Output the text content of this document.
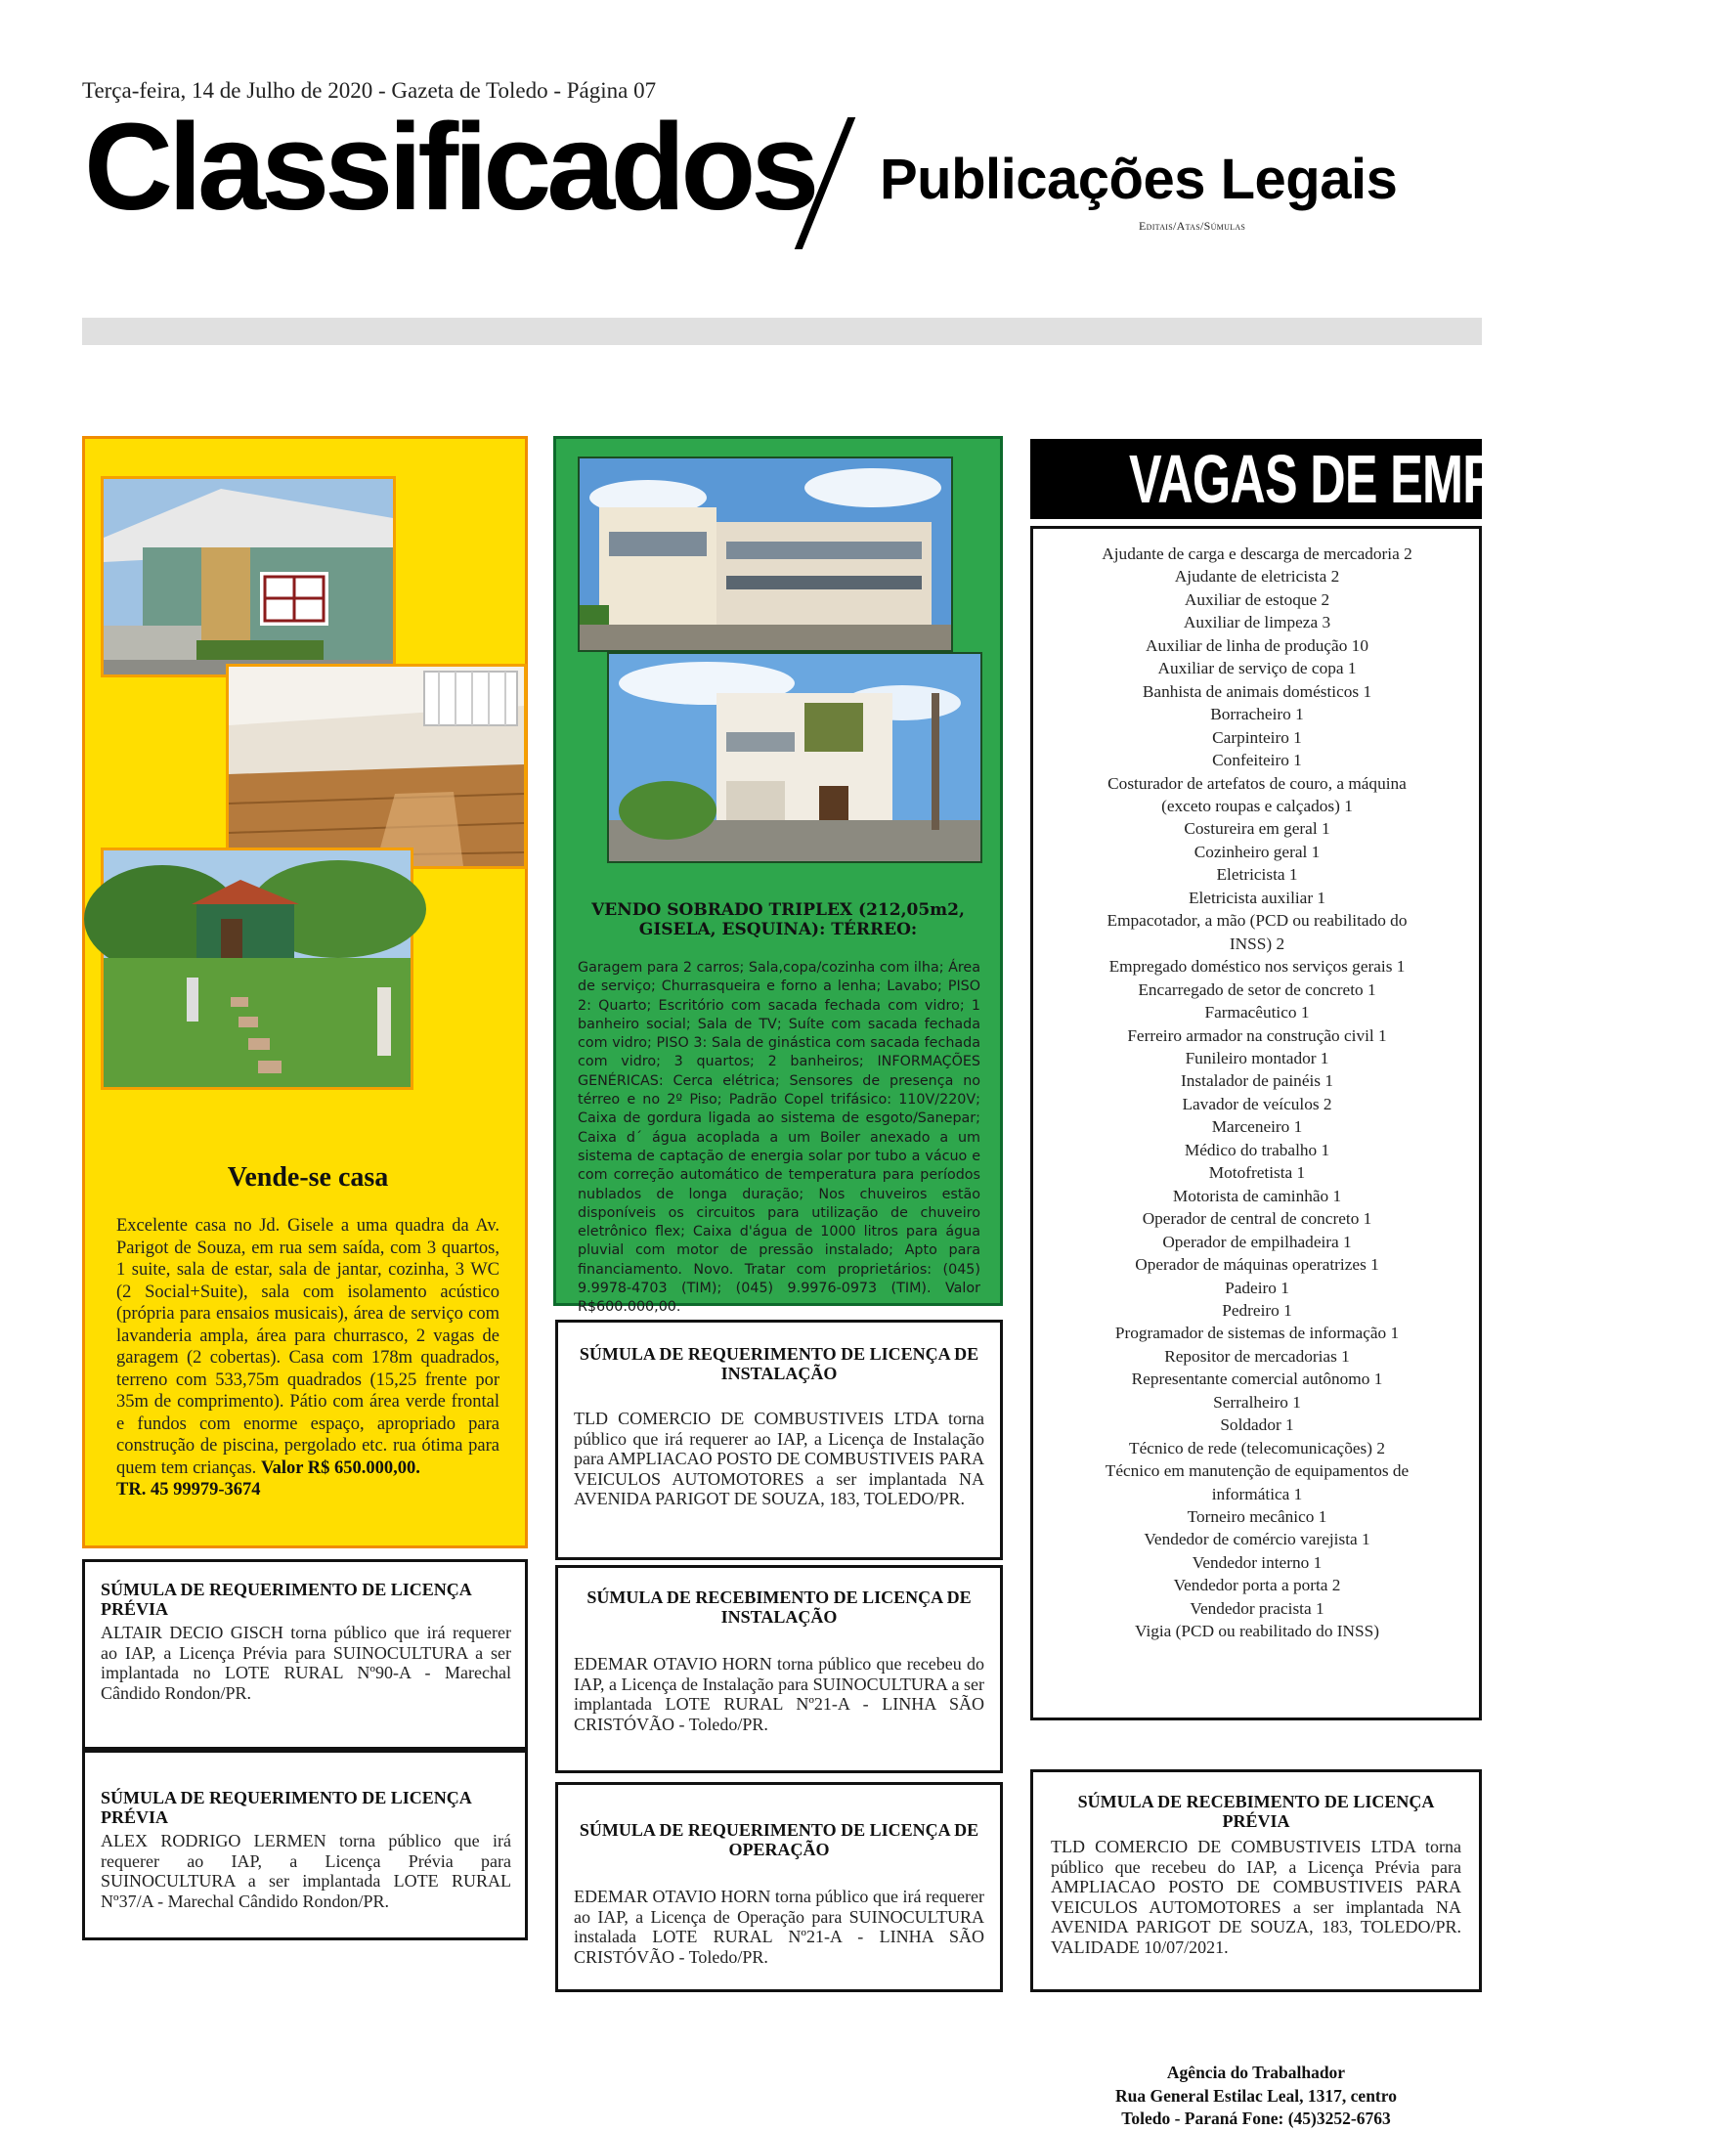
Terça-feira, 14 de Julho de 2020 - Gazeta de Toledo - Página 07
Classificados Publicações Legais
Editais/Atas/Súmulas
Vende-se casa
Excelente casa no Jd. Gisele a uma quadra da Av. Parigot de Souza, em rua sem saída, com 3 quartos, 1 suite, sala de estar, sala de jantar, cozinha, 3 WC (2 Social+Suite), sala com isolamento acústico (própria para ensaios musicais), área de serviço com lavanderia ampla, área para churrasco, 2 vagas de garagem (2 cobertas). Casa com 178m quadrados, terreno com 533,75m quadrados (15,25 frente por 35m de comprimento). Pátio com área verde frontal e fundos com enorme espaço, apropriado para construção de piscina, pergolado etc. rua ótima para quem tem crianças. Valor R$ 650.000,00.
TR. 45 99979-3674
VENDO SOBRADO TRIPLEX (212,05m2, GISELA, ESQUINA): TÉRREO:
Garagem para 2 carros; Sala,copa/cozinha com ilha; Área de serviço; Churrasqueira e forno a lenha; Lavabo; PISO 2: Quarto; Escritório com sacada fechada com vidro; 1 banheiro social; Sala de TV; Suíte com sacada fechada com vidro; PISO 3: Sala de ginástica com sacada fechada com vidro; 3 quartos; 2 banheiros; INFORMAÇÕES GENÉRICAS: Cerca elétrica; Sensores de presença no térreo e no 2º Piso; Padrão Copel trifásico: 110V/220V; Caixa de gordura ligada ao sistema de esgoto/Sanepar; Caixa d´ água acoplada a um Boiler anexado a um sistema de captação de energia solar por tubo a vácuo e com correção automático de temperatura para períodos nublados de longa duração; Nos chuveiros estão disponíveis os circuitos para utilização de chuveiro eletrônico flex; Caixa d'água de 1000 litros para água pluvial com motor de pressão instalado; Apto para financiamento. Novo. Tratar com proprietários: (045) 9.9978-4703 (TIM); (045) 9.9976-0973 (TIM). Valor R$600.000,00.
SÚMULA DE REQUERIMENTO DE LICENÇA PRÉVIA
ALTAIR DECIO GISCH torna público que irá requerer ao IAP, a Licença Prévia para SUINOCULTURA a ser implantada no LOTE RURAL Nº90-A - Marechal Cândido Rondon/PR.
SÚMULA DE REQUERIMENTO DE LICENÇA PRÉVIA
ALEX RODRIGO LERMEN torna público que irá requerer ao IAP, a Licença Prévia para SUINOCULTURA a ser implantada LOTE RURAL Nº37/A - Marechal Cândido Rondon/PR.
SÚMULA DE REQUERIMENTO DE LICENÇA DE INSTALAÇÃO
TLD COMERCIO DE COMBUSTIVEIS LTDA torna público que irá requerer ao IAP, a Licença de Instalação para AMPLIACAO POSTO DE COMBUSTIVEIS PARA VEICULOS AUTOMOTORES a ser implantada NA AVENIDA PARIGOT DE SOUZA, 183, TOLEDO/PR.
SÚMULA DE RECEBIMENTO DE LICENÇA DE INSTALAÇÃO
EDEMAR OTAVIO HORN torna público que recebeu do IAP, a Licença de Instalação para SUINOCULTURA a ser implantada LOTE RURAL Nº21-A - LINHA SÃO CRISTÓVÃO - Toledo/PR.
SÚMULA DE REQUERIMENTO DE LICENÇA DE OPERAÇÃO
EDEMAR OTAVIO HORN torna público que irá requerer ao IAP, a Licença de Operação para SUINOCULTURA instalada LOTE RURAL Nº21-A - LINHA SÃO CRISTÓVÃO - Toledo/PR.
VAGAS DE EMPREGO
Ajudante de carga e descarga de mercadoria 2
Ajudante de eletricista 2
Auxiliar de estoque 2
Auxiliar de limpeza 3
Auxiliar de linha de produção 10
Auxiliar de serviço de copa 1
Banhista de animais domésticos 1
Borracheiro 1
Carpinteiro 1
Confeiteiro 1
Costurador de artefatos de couro, a máquina
(exceto roupas e calçados) 1
Costureira em geral 1
Cozinheiro geral 1
Eletricista 1
Eletricista auxiliar 1
Empacotador, a mão (PCD ou reabilitado do
INSS) 2
Empregado doméstico nos serviços gerais 1
Encarregado de setor de concreto 1
Farmacêutico 1
Ferreiro armador na construção civil 1
Funileiro montador 1
Instalador de painéis 1
Lavador de veículos 2
Marceneiro 1
Médico do trabalho 1
Motofretista 1
Motorista de caminhão 1
Operador de central de concreto 1
Operador de empilhadeira 1
Operador de máquinas operatrizes 1
Padeiro 1
Pedreiro 1
Programador de sistemas de informação 1
Repositor de mercadorias 1
Representante comercial autônomo 1
Serralheiro 1
Soldador 1
Técnico de rede (telecomunicações) 2
Técnico em manutenção de equipamentos de
informática 1
Torneiro mecânico 1
Vendedor de comércio varejista 1
Vendedor interno 1
Vendedor porta a porta 2
Vendedor pracista 1
Vigia (PCD ou reabilitado do INSS)
Agência do Trabalhador
Rua General Estilac Leal, 1317, centro
Toledo - Paraná Fone: (45)3252-6763
SÚMULA DE RECEBIMENTO DE LICENÇA PRÉVIA
TLD COMERCIO DE COMBUSTIVEIS LTDA torna público que recebeu do IAP, a Licença Prévia para AMPLIACAO POSTO DE COMBUSTIVEIS PARA VEICULOS AUTOMOTORES a ser implantada NA AVENIDA PARIGOT DE SOUZA, 183, TOLEDO/PR. VALIDADE 10/07/2021.
